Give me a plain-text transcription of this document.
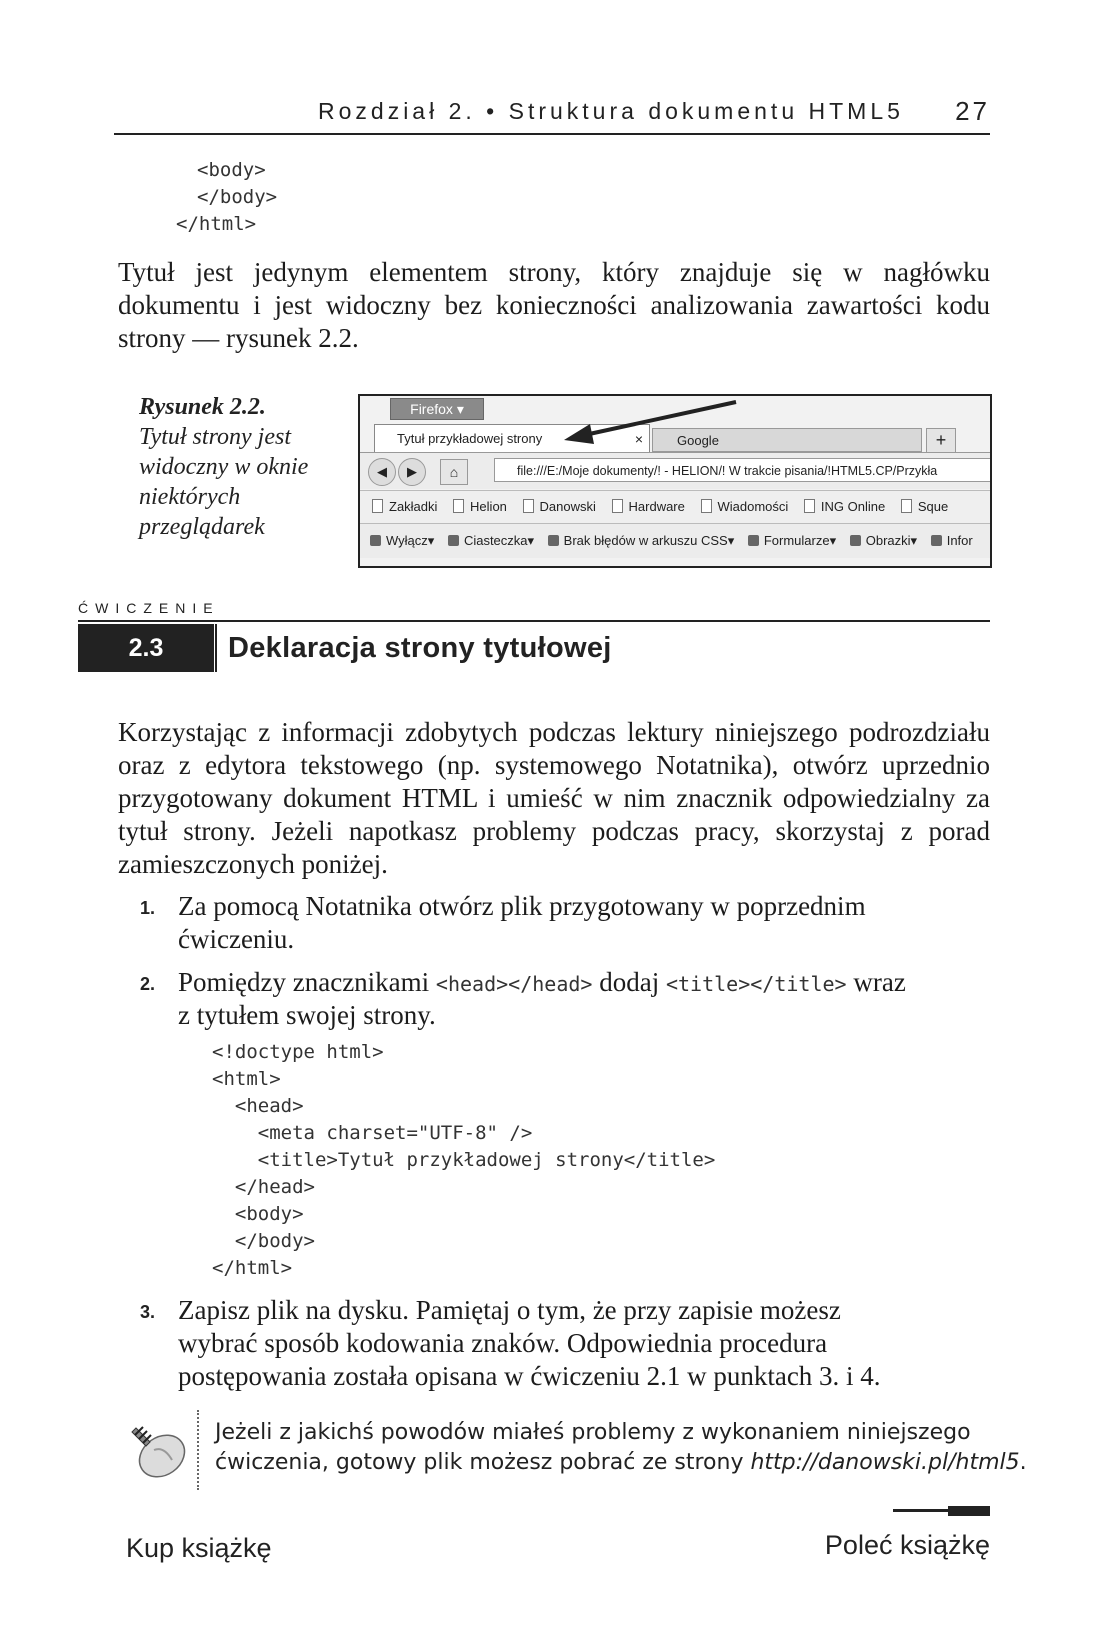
Rozdział 2. • Struktura dokumentu HTML5 27
<body>
</body>
</html>
Tytuł jest jedynym elementem strony, który znajduje się w nagłówku dokumentu i jest widoczny bez konieczności analizowania zawartości kodu strony — rysunek 2.2.
Rysunek 2.2.
Tytuł strony jest widoczny w oknie niektórych przeglądarek
Firefox ▾
Tytuł przykładowej strony	×	Google	+
◀	▶	⌂	file:///E:/Moje dokumenty/! - HELION/! W trakcie pisania/!HTML5.CP/Przykła
Zakładki	Helion	Danowski	Hardware	Wiadomości	ING Online	Sque
Wyłącz▾ Ciasteczka▾ Brak błędów w arkuszu CSS▾ Formularze▾ Obrazki▾ Infor
ĆWICZENIE
2.3	Deklaracja strony tytułowej
Korzystając z informacji zdobytych podczas lektury niniejszego podrozdziału oraz z edytora tekstowego (np. systemowego Notatnika), otwórz uprzednio przygotowany dokument HTML i umieść w nim znacznik odpowiedzialny za tytuł strony. Jeżeli napotkasz problemy podczas pracy, skorzystaj z porad zamieszczonych poniżej.
1. Za pomocą Notatnika otwórz plik przygotowany w poprzednim
ćwiczeniu.
2. Pomiędzy znacznikami <head></head> dodaj <title></title> wraz
z tytułem swojej strony.
<!doctype html>
<html>
<head>
<meta charset="UTF-8" />
<title>Tytuł przykładowej strony</title>
</head>
<body>
</body>
</html>
3. Zapisz plik na dysku. Pamiętaj o tym, że przy zapisie możesz
wybrać sposób kodowania znaków. Odpowiednia procedura
postępowania została opisana w ćwiczeniu 2.1 w punktach 3. i 4.
Jeżeli z jakichś powodów miałeś problemy z wykonaniem niniejszego
ćwiczenia, gotowy plik możesz pobrać ze strony http://danowski.pl/html5.
Kup książkę	Poleć książkę
